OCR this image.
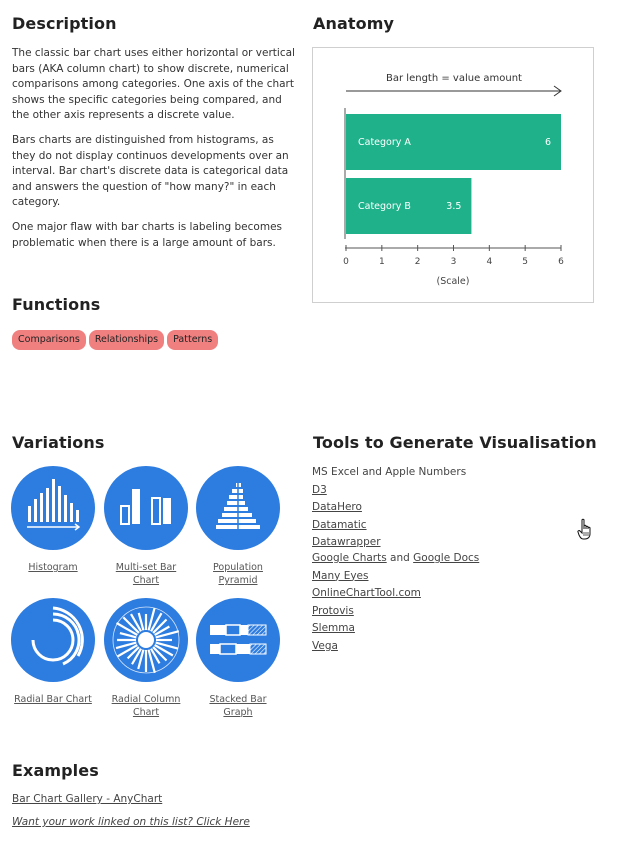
Description

The classic bar chart uses either horizontal or vertical bars (AKA column chart) to show discrete, numerical comparisons among categories. One axis of the chart shows the specific categories being compared, and the other axis represents a discrete value.

Bars charts are distinguished from histograms, as they do not display continuos developments over an interval. Bar chart's discrete data is categorical data and answers the question of "how many?" in each category.

One major flaw with bar charts is labeling becomes problematic when there is a large amount of bars.

Anatomy
Bar length = value amount
Category A	6
Category B	3.5
0	1	2	3	4	5	6
(Scale)
Functions
Comparisons Relationships Patterns
Variations
Histogram	Multi-set Bar
Chart
Population
Pyramid
Radial Bar Chart	Radial Column
Chart
Stacked Bar
Graph
Tools to Generate Visualisation
MS Excel and Apple Numbers
D3
DataHero
Datamatic
Datawrapper
Google Charts and Google Docs
Many Eyes
OnlineChartTool.com
Protovis
Slemma
Vega
Examples
Bar Chart Gallery - AnyChart
Want your work linked on this list? Click Here
